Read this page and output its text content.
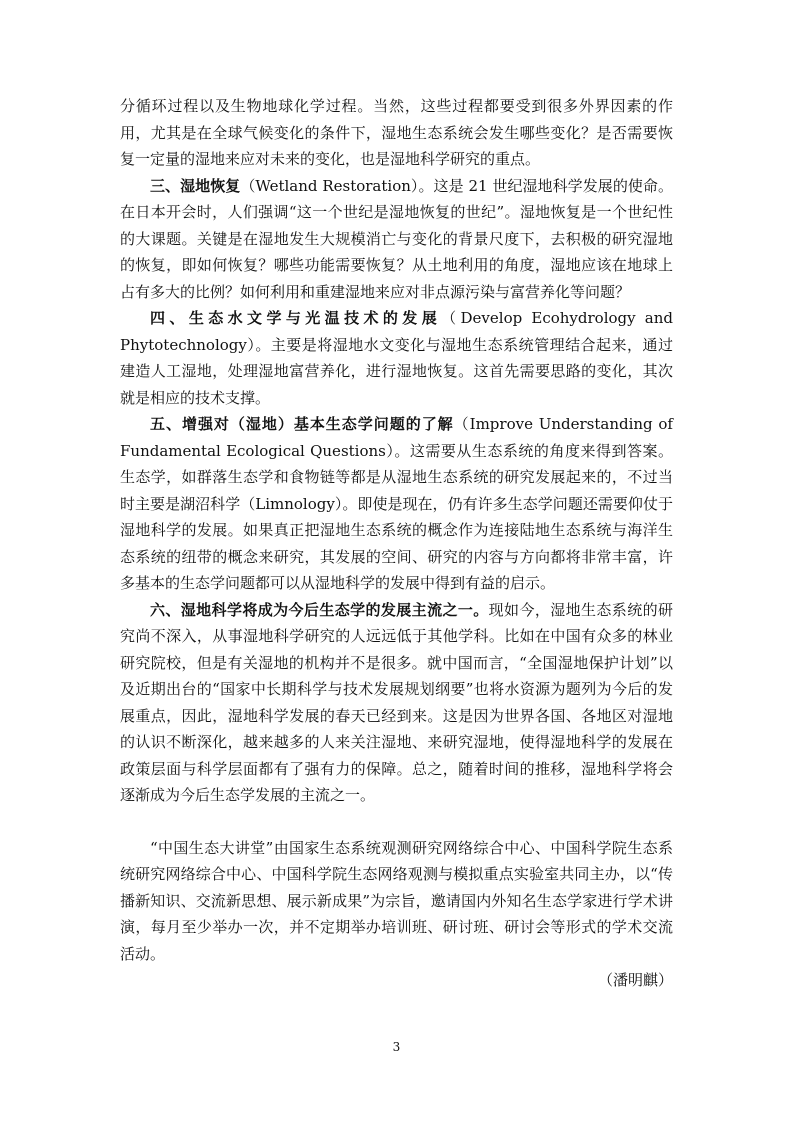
分循环过程以及生物地球化学过程。当然，这些过程都要受到很多外界因素的作用，尤其是在全球气候变化的条件下，湿地生态系统会发生哪些变化？是否需要恢复一定量的湿地来应对未来的变化，也是湿地科学研究的重点。

三、湿地恢复（Wetland Restoration）。这是 21 世纪湿地科学发展的使命。在日本开会时，人们强调“这一个世纪是湿地恢复的世纪”。湿地恢复是一个世纪性的大课题。关键是在湿地发生大规模消亡与变化的背景尺度下，去积极的研究湿地的恢复，即如何恢复？哪些功能需要恢复？从土地利用的角度，湿地应该在地球上占有多大的比例？如何利用和重建湿地来应对非点源污染与富营养化等问题？

四、生态水文学与光温技术的发展（Develop Ecohydrology and Phytotechnology）。主要是将湿地水文变化与湿地生态系统管理结合起来，通过建造人工湿地，处理湿地富营养化，进行湿地恢复。这首先需要思路的变化，其次就是相应的技术支撑。

五、增强对（湿地）基本生态学问题的了解（Improve Understanding of Fundamental Ecological Questions）。这需要从生态系统的角度来得到答案。生态学，如群落生态学和食物链等都是从湿地生态系统的研究发展起来的，不过当时主要是湖沼科学（Limnology）。即使是现在，仍有许多生态学问题还需要仰仗于湿地科学的发展。如果真正把湿地生态系统的概念作为连接陆地生态系统与海洋生态系统的纽带的概念来研究，其发展的空间、研究的内容与方向都将非常丰富，许多基本的生态学问题都可以从湿地科学的发展中得到有益的启示。

六、湿地科学将成为今后生态学的发展主流之一。现如今，湿地生态系统的研究尚不深入，从事湿地科学研究的人远远低于其他学科。比如在中国有众多的林业研究院校，但是有关湿地的机构并不是很多。就中国而言，“全国湿地保护计划”以及近期出台的“国家中长期科学与技术发展规划纲要”也将水资源为题列为今后的发展重点，因此，湿地科学发展的春天已经到来。这是因为世界各国、各地区对湿地的认识不断深化，越来越多的人来关注湿地、来研究湿地，使得湿地科学的发展在政策层面与科学层面都有了强有力的保障。总之，随着时间的推移，湿地科学将会逐渐成为今后生态学发展的主流之一。

“中国生态大讲堂”由国家生态系统观测研究网络综合中心、中国科学院生态系统研究网络综合中心、中国科学院生态网络观测与模拟重点实验室共同主办，以“传播新知识、交流新思想、展示新成果”为宗旨，邀请国内外知名生态学家进行学术讲演，每月至少举办一次，并不定期举办培训班、研讨班、研讨会等形式的学术交流活动。
（潘明麒）

3
